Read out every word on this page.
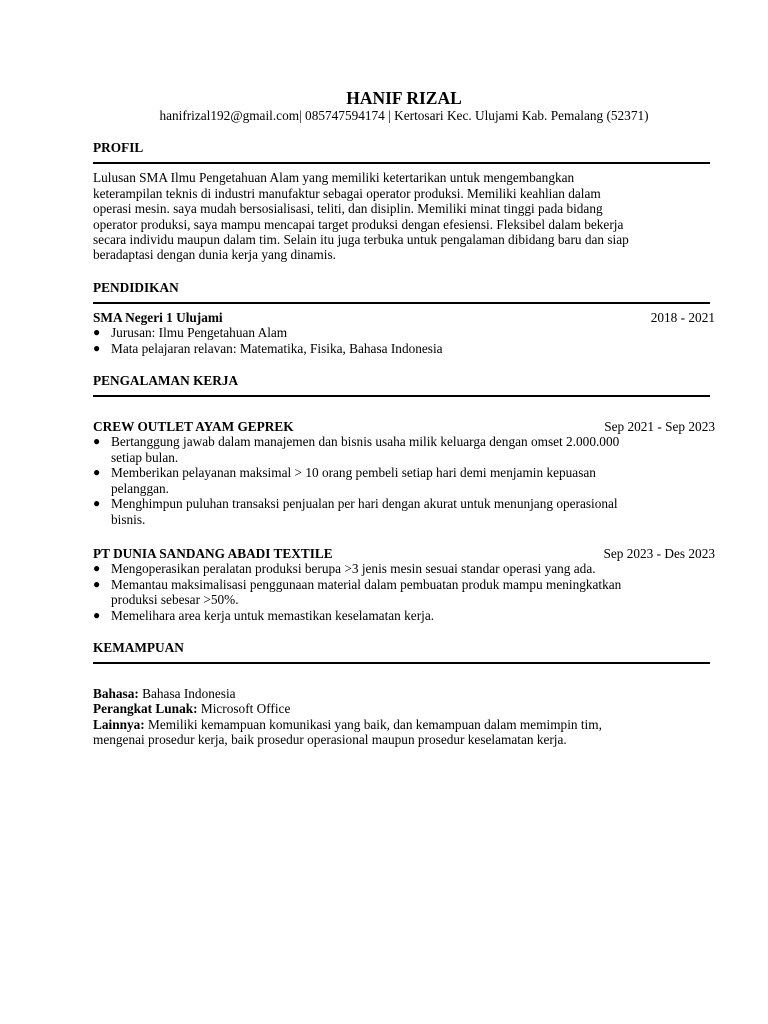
HANIF RIZAL
hanifrizal192@gmail.com| 085747594174 | Kertosari Kec. Ulujami Kab. Pemalang (52371)
PROFIL
Lulusan SMA Ilmu Pengetahuan Alam yang memiliki ketertarikan untuk mengembangkan
keterampilan teknis di industri manufaktur sebagai operator produksi. Memiliki keahlian dalam
operasi mesin. saya mudah bersosialisasi, teliti, dan disiplin. Memiliki minat tinggi pada bidang
operator produksi, saya mampu mencapai target produksi dengan efesiensi. Fleksibel dalam bekerja
secara individu maupun dalam tim. Selain itu juga terbuka untuk pengalaman dibidang baru dan siap
beradaptasi dengan dunia kerja yang dinamis.
PENDIDIKAN
SMA Negeri 1 Ulujami	2018 - 2021
● Jurusan: Ilmu Pengetahuan Alam
● Mata pelajaran relavan: Matematika, Fisika, Bahasa Indonesia
PENGALAMAN KERJA
CREW OUTLET AYAM GEPREK	Sep 2021 - Sep 2023
● Bertanggung jawab dalam manajemen dan bisnis usaha milik keluarga dengan omset 2.000.000
setiap bulan.
● Memberikan pelayanan maksimal > 10 orang pembeli setiap hari demi menjamin kepuasan
pelanggan.
● Menghimpun puluhan transaksi penjualan per hari dengan akurat untuk menunjang operasional
bisnis.
PT DUNIA SANDANG ABADI TEXTILE	Sep 2023 - Des 2023
● Mengoperasikan peralatan produksi berupa >3 jenis mesin sesuai standar operasi yang ada.
● Memantau maksimalisasi penggunaan material dalam pembuatan produk mampu meningkatkan
produksi sebesar >50%.
● Memelihara area kerja untuk memastikan keselamatan kerja.
KEMAMPUAN
Bahasa: Bahasa Indonesia
Perangkat Lunak: Microsoft Office
Lainnya: Memiliki kemampuan komunikasi yang baik, dan kemampuan dalam memimpin tim,
mengenai prosedur kerja, baik prosedur operasional maupun prosedur keselamatan kerja.
